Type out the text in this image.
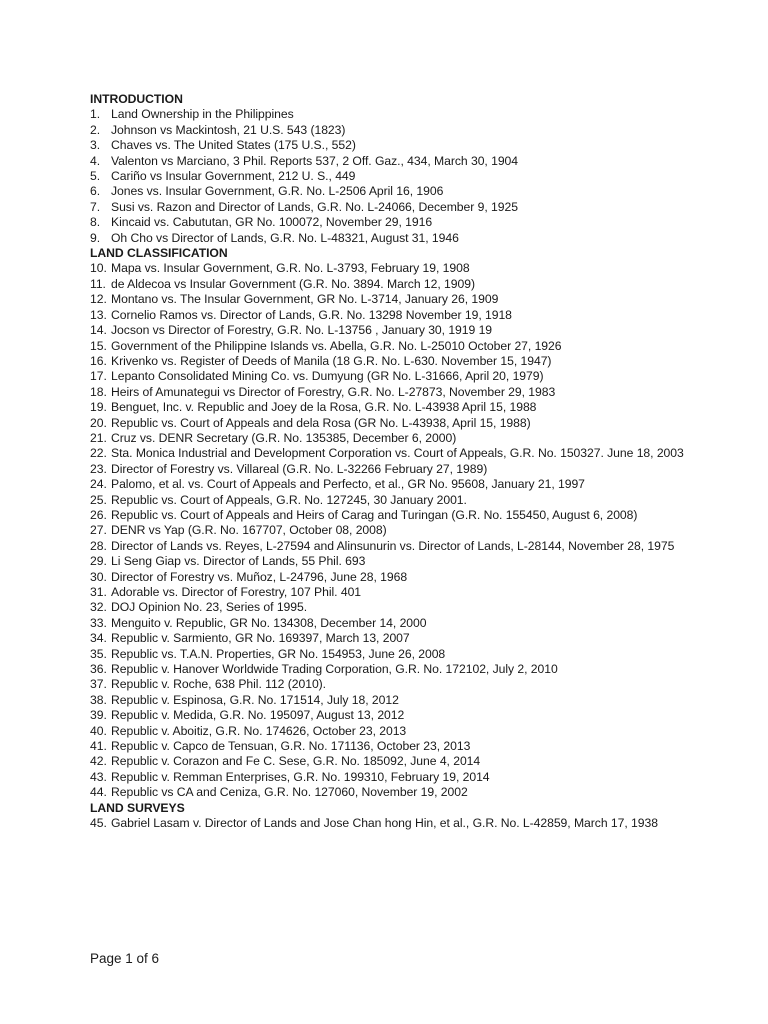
INTRODUCTION
1. Land Ownership in the Philippines
2. Johnson vs Mackintosh, 21 U.S. 543 (1823)
3. Chaves vs. The United States (175 U.S., 552)
4. Valenton vs Marciano, 3 Phil. Reports 537, 2 Off. Gaz., 434, March 30, 1904
5. Cariño vs Insular Government, 212 U. S., 449
6. Jones vs. Insular Government, G.R. No. L-2506 April 16, 1906
7. Susi vs. Razon and Director of Lands, G.R. No. L-24066, December 9, 1925
8. Kincaid vs. Cabututan, GR No. 100072, November 29, 1916
9. Oh Cho vs Director of Lands, G.R. No. L-48321, August 31, 1946
LAND CLASSIFICATION
10. Mapa vs. Insular Government, G.R. No. L-3793, February 19, 1908
11. de Aldecoa vs Insular Government (G.R. No. 3894. March 12, 1909)
12. Montano vs. The Insular Government, GR No. L-3714, January 26, 1909
13. Cornelio Ramos vs. Director of Lands, G.R. No. 13298 November 19, 1918
14. Jocson vs Director of Forestry, G.R. No. L-13756 , January 30, 1919 19
15. Government of the Philippine Islands vs. Abella, G.R. No. L-25010 October 27, 1926
16. Krivenko vs. Register of Deeds of Manila (18 G.R. No. L-630. November 15, 1947)
17. Lepanto Consolidated Mining Co. vs. Dumyung (GR No. L-31666, April 20, 1979)
18. Heirs of Amunategui vs Director of Forestry, G.R. No. L-27873, November 29, 1983
19. Benguet, Inc. v. Republic and Joey de la Rosa, G.R. No. L-43938 April 15, 1988
20. Republic vs. Court of Appeals and dela Rosa (GR No. L-43938, April 15, 1988)
21. Cruz vs. DENR Secretary (G.R. No. 135385, December 6, 2000)
22. Sta. Monica Industrial and Development Corporation vs. Court of Appeals, G.R. No. 150327. June 18, 2003
23. Director of Forestry vs. Villareal (G.R. No. L-32266 February 27, 1989)
24. Palomo, et al. vs. Court of Appeals and Perfecto, et al., GR No. 95608, January 21, 1997
25. Republic vs. Court of Appeals, G.R. No. 127245, 30 January 2001.
26. Republic vs. Court of Appeals and Heirs of Carag and Turingan (G.R. No. 155450, August 6, 2008)
27. DENR vs Yap (G.R. No. 167707, October 08, 2008)
28. Director of Lands vs. Reyes, L-27594 and Alinsunurin vs. Director of Lands, L-28144, November 28, 1975
29. Li Seng Giap vs. Director of Lands, 55 Phil. 693
30. Director of Forestry vs. Muñoz, L-24796, June 28, 1968
31. Adorable vs. Director of Forestry, 107 Phil. 401
32. DOJ Opinion No. 23, Series of 1995.
33. Menguito v. Republic, GR No. 134308, December 14, 2000
34. Republic v. Sarmiento, GR No. 169397, March 13, 2007
35. Republic vs. T.A.N. Properties, GR No. 154953, June 26, 2008
36. Republic v. Hanover Worldwide Trading Corporation, G.R. No. 172102, July 2, 2010
37. Republic v. Roche, 638 Phil. 112 (2010).
38. Republic v. Espinosa, G.R. No. 171514, July 18, 2012
39. Republic v. Medida, G.R. No. 195097, August 13, 2012
40. Republic v. Aboitiz, G.R. No. 174626, October 23, 2013
41. Republic v. Capco de Tensuan, G.R. No. 171136, October 23, 2013
42. Republic v. Corazon and Fe C. Sese, G.R. No. 185092, June 4, 2014
43. Republic v. Remman Enterprises, G.R. No. 199310, February 19, 2014
44. Republic vs CA and Ceniza, G.R. No. 127060, November 19, 2002
LAND SURVEYS
45. Gabriel Lasam v. Director of Lands and Jose Chan hong Hin, et al., G.R. No. L-42859, March 17, 1938
Page 1 of 6
